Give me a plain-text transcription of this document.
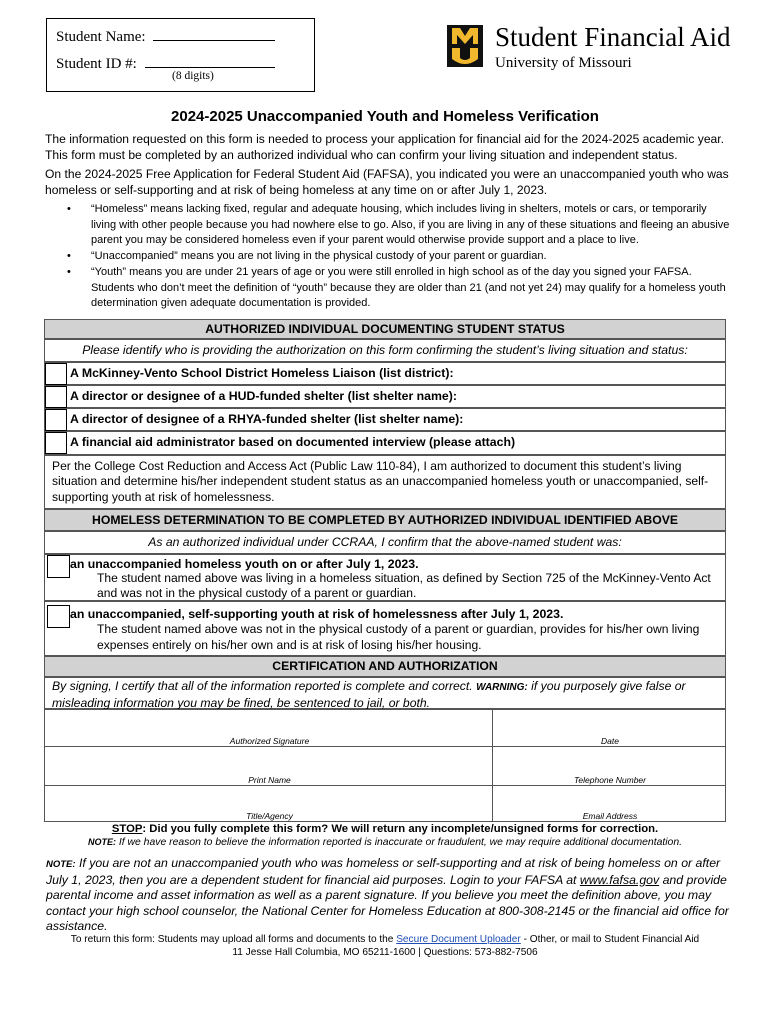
Student Name:
Student ID #:
(8 digits)
Student Financial Aid
University of Missouri
2024-2025 Unaccompanied Youth and Homeless Verification
The information requested on this form is needed to process your application for financial aid for the 2024-2025 academic year. This form must be completed by an authorized individual who can confirm your living situation and independent status.
On the 2024-2025 Free Application for Federal Student Aid (FAFSA), you indicated you were an unaccompanied youth who was homeless or self-supporting and at risk of being homeless at any time on or after July 1, 2023.
• “Homeless” means lacking fixed, regular and adequate housing, which includes living in shelters, motels or cars, or temporarily living with other people because you had nowhere else to go. Also, if you are living in any of these situations and fleeing an abusive parent you may be considered homeless even if your parent would otherwise provide support and a place to live.
• “Unaccompanied” means you are not living in the physical custody of your parent or guardian.
• “Youth” means you are under 21 years of age or you were still enrolled in high school as of the day you signed your FAFSA. Students who don’t meet the definition of “youth” because they are older than 21 (and not yet 24) may qualify for a homeless youth determination given adequate documentation is provided.
AUTHORIZED INDIVIDUAL DOCUMENTING STUDENT STATUS
Please identify who is providing the authorization on this form confirming the student’s living situation and status:
A McKinney-Vento School District Homeless Liaison (list district):
A director or designee of a HUD-funded shelter (list shelter name):
A director of designee of a RHYA-funded shelter (list shelter name):
A financial aid administrator based on documented interview (please attach)
Per the College Cost Reduction and Access Act (Public Law 110-84), I am authorized to document this student’s living situation and determine his/her independent student status as an unaccompanied homeless youth or unaccompanied, self-supporting youth at risk of homelessness.
HOMELESS DETERMINATION TO BE COMPLETED BY AUTHORIZED INDIVIDUAL IDENTIFIED ABOVE
As an authorized individual under CCRAA, I confirm that the above-named student was:
an unaccompanied homeless youth on or after July 1, 2023.
The student named above was living in a homeless situation, as defined by Section 725 of the McKinney-Vento Act and was not in the physical custody of a parent or guardian.
an unaccompanied, self-supporting youth at risk of homelessness after July 1, 2023.
The student named above was not in the physical custody of a parent or guardian, provides for his/her own living expenses entirely on his/her own and is at risk of losing his/her housing.
CERTIFICATION AND AUTHORIZATION
By signing, I certify that all of the information reported is complete and correct. WARNING: if you purposely give false or misleading information you may be fined, be sentenced to jail, or both.
Authorized Signature	Date
Print Name	Telephone Number
Title/Agency	Email Address
STOP: Did you fully complete this form? We will return any incomplete/unsigned forms for correction.
NOTE: If we have reason to believe the information reported is inaccurate or fraudulent, we may require additional documentation.
NOTE: If you are not an unaccompanied youth who was homeless or self-supporting and at risk of being homeless on or after July 1, 2023, then you are a dependent student for financial aid purposes. Login to your FAFSA at www.fafsa.gov and provide parental income and asset information as well as a parent signature. If you believe you meet the definition above, you may contact your high school counselor, the National Center for Homeless Education at 800-308-2145 or the financial aid office for assistance.
To return this form: Students may upload all forms and documents to the Secure Document Uploader - Other, or mail to Student Financial Aid
11 Jesse Hall Columbia, MO 65211-1600 | Questions: 573-882-7506
